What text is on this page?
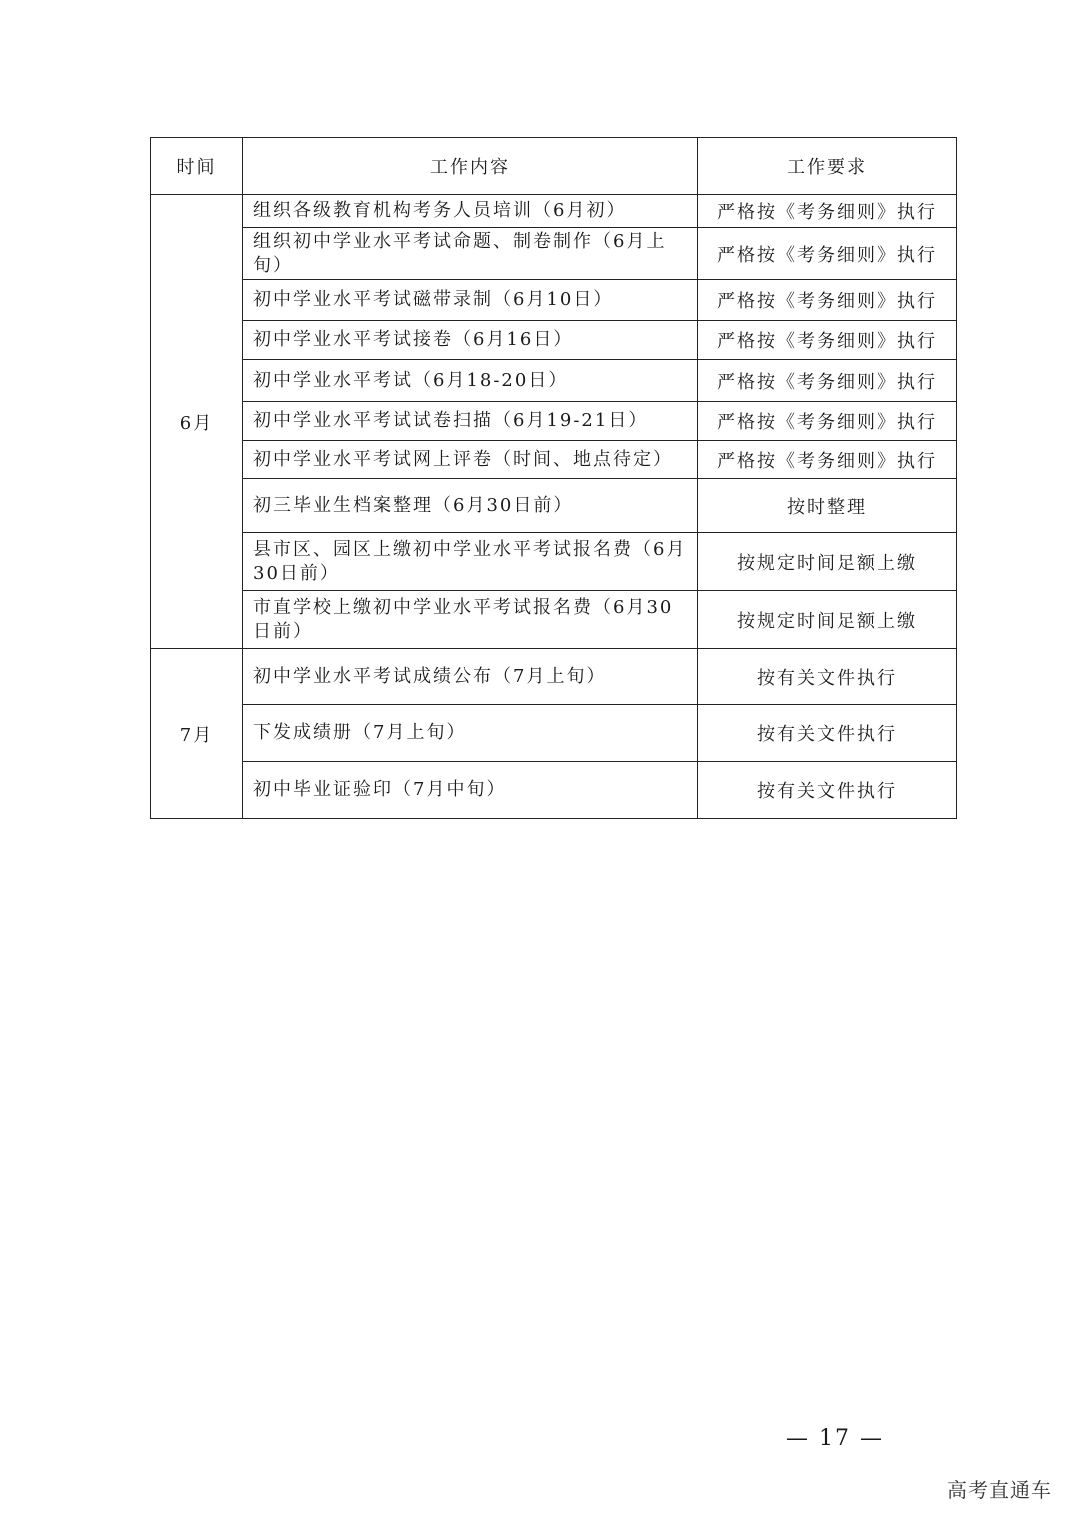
时间	工作内容	工作要求
6月	组织各级教育机构考务人员培训（6月初）	严格按《考务细则》执行
	组织初中学业水平考试命题、制卷制作（6月上旬）	严格按《考务细则》执行
	初中学业水平考试磁带录制（6月10日）	严格按《考务细则》执行
	初中学业水平考试接卷（6月16日）	严格按《考务细则》执行
	初中学业水平考试（6月18-20日）	严格按《考务细则》执行
	初中学业水平考试试卷扫描（6月19-21日）	严格按《考务细则》执行
	初中学业水平考试网上评卷（时间、地点待定）	严格按《考务细则》执行
	初三毕业生档案整理（6月30日前）	按时整理
	县市区、园区上缴初中学业水平考试报名费（6月30日前）	按规定时间足额上缴
	市直学校上缴初中学业水平考试报名费（6月30日前）	按规定时间足额上缴
7月	初中学业水平考试成绩公布（7月上旬）	按有关文件执行
	下发成绩册（7月上旬）	按有关文件执行
	初中毕业证验印（7月中旬）	按有关文件执行
— 17 —
高考直通车
